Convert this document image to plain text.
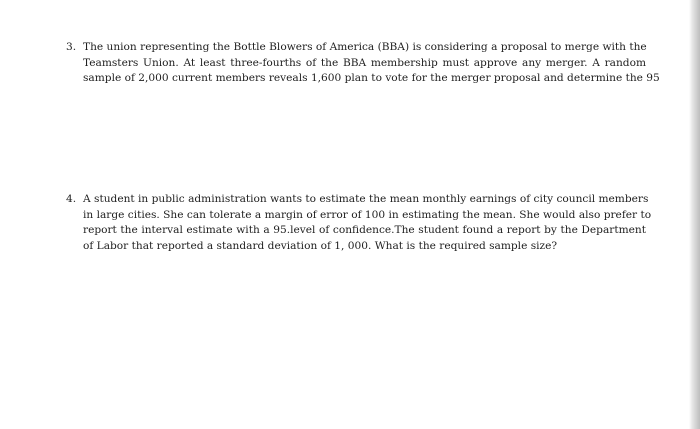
3. The union representing the Bottle Blowers of America (BBA) is considering a proposal to merge with the
Teamsters Union. At least three-fourths of the BBA membership must approve any merger. A random
sample of 2,000 current members reveals 1,600 plan to vote for the merger proposal and determine the 95
4. A student in public administration wants to estimate the mean monthly earnings of city council members
in large cities. She can tolerate a margin of error of 100 in estimating the mean. She would also prefer to
report the interval estimate with a 95.level of confidence.The student found a report by the Department
of Labor that reported a standard deviation of 1, 000. What is the required sample size?
